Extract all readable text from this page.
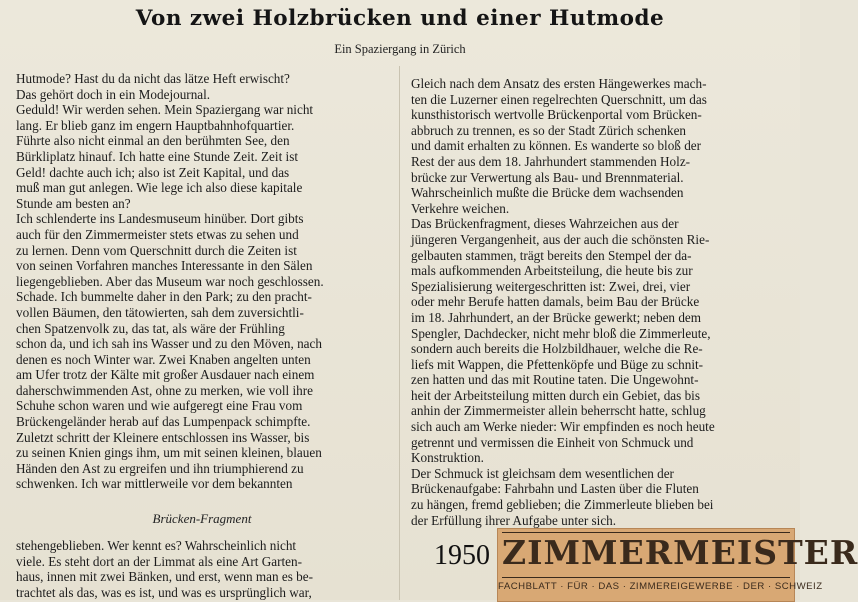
Von zwei Holzbrücken und einer Hutmode
Ein Spaziergang in Zürich
Hutmode? Hast du da nicht das lätze Heft erwischt?
Das gehört doch in ein Modejournal.
Geduld! Wir werden sehen. Mein Spaziergang war nicht
lang. Er blieb ganz im engern Hauptbahnhofquartier.
Führte also nicht einmal an den berühmten See, den
Bürkliplatz hinauf. Ich hatte eine Stunde Zeit. Zeit ist
Geld! dachte auch ich; also ist Zeit Kapital, und das
muß man gut anlegen. Wie lege ich also diese kapitale
Stunde am besten an?
Ich schlenderte ins Landesmuseum hinüber. Dort gibts
auch für den Zimmermeister stets etwas zu sehen und
zu lernen. Denn vom Querschnitt durch die Zeiten ist
von seinen Vorfahren manches Interessante in den Sälen
liegengeblieben. Aber das Museum war noch geschlossen.
Schade. Ich bummelte daher in den Park; zu den pracht-
vollen Bäumen, den tätowierten, sah dem zuversichtli-
chen Spatzenvolk zu, das tat, als wäre der Frühling
schon da, und ich sah ins Wasser und zu den Möven, nach
denen es noch Winter war. Zwei Knaben angelten unten
am Ufer trotz der Kälte mit großer Ausdauer nach einem
daherschwimmenden Ast, ohne zu merken, wie voll ihre
Schuhe schon waren und wie aufgeregt eine Frau vom
Brückengeländer herab auf das Lumpenpack schimpfte.
Zuletzt schritt der Kleinere entschlossen ins Wasser, bis
zu seinen Knien gings ihm, um mit seinen kleinen, blauen
Händen den Ast zu ergreifen und ihn triumphierend zu
schwenken. Ich war mittlerweile vor dem bekannten
Brücken-Fragment
stehengeblieben. Wer kennt es? Wahrscheinlich nicht
viele. Es steht dort an der Limmat als eine Art Garten-
haus, innen mit zwei Bänken, und erst, wenn man es be-
trachtet als das, was es ist, und was es ursprünglich war,
Gleich nach dem Ansatz des ersten Hängewerkes mach-
ten die Luzerner einen regelrechten Querschnitt, um das
kunsthistorisch wertvolle Brückenportal vom Brücken-
abbruch zu trennen, es so der Stadt Zürich schenken
und damit erhalten zu können. Es wanderte so bloß der
Rest der aus dem 18. Jahrhundert stammenden Holz-
brücke zur Verwertung als Bau- und Brennmaterial.
Wahrscheinlich mußte die Brücke dem wachsenden
Verkehre weichen.
Das Brückenfragment, dieses Wahrzeichen aus der
jüngeren Vergangenheit, aus der auch die schönsten Rie-
gelbauten stammen, trägt bereits den Stempel der da-
mals aufkommenden Arbeitsteilung, die heute bis zur
Spezialisierung weitergeschritten ist: Zwei, drei, vier
oder mehr Berufe hatten damals, beim Bau der Brücke
im 18. Jahrhundert, an der Brücke gewerkt; neben dem
Spengler, Dachdecker, nicht mehr bloß die Zimmerleute,
sondern auch bereits die Holzbildhauer, welche die Re-
liefs mit Wappen, die Pfettenköpfe und Büge zu schnit-
zen hatten und das mit Routine taten. Die Ungewohnt-
heit der Arbeitsteilung mitten durch ein Gebiet, das bis
anhin der Zimmermeister allein beherrscht hatte, schlug
sich auch am Werke nieder: Wir empfinden es noch heute
getrennt und vermissen die Einheit von Schmuck und
Konstruktion.
Der Schmuck ist gleichsam dem wesentlichen der
Brückenaufgabe: Fahrbahn und Lasten über die Fluten
zu hängen, fremd geblieben; die Zimmerleute blieben bei
der Erfüllung ihrer Aufgabe unter sich.
1950 ZIMMERMEISTER
FACHBLATT · FÜR · DAS · ZIMMEREIGEWERBE · DER · SCHWEIZ
